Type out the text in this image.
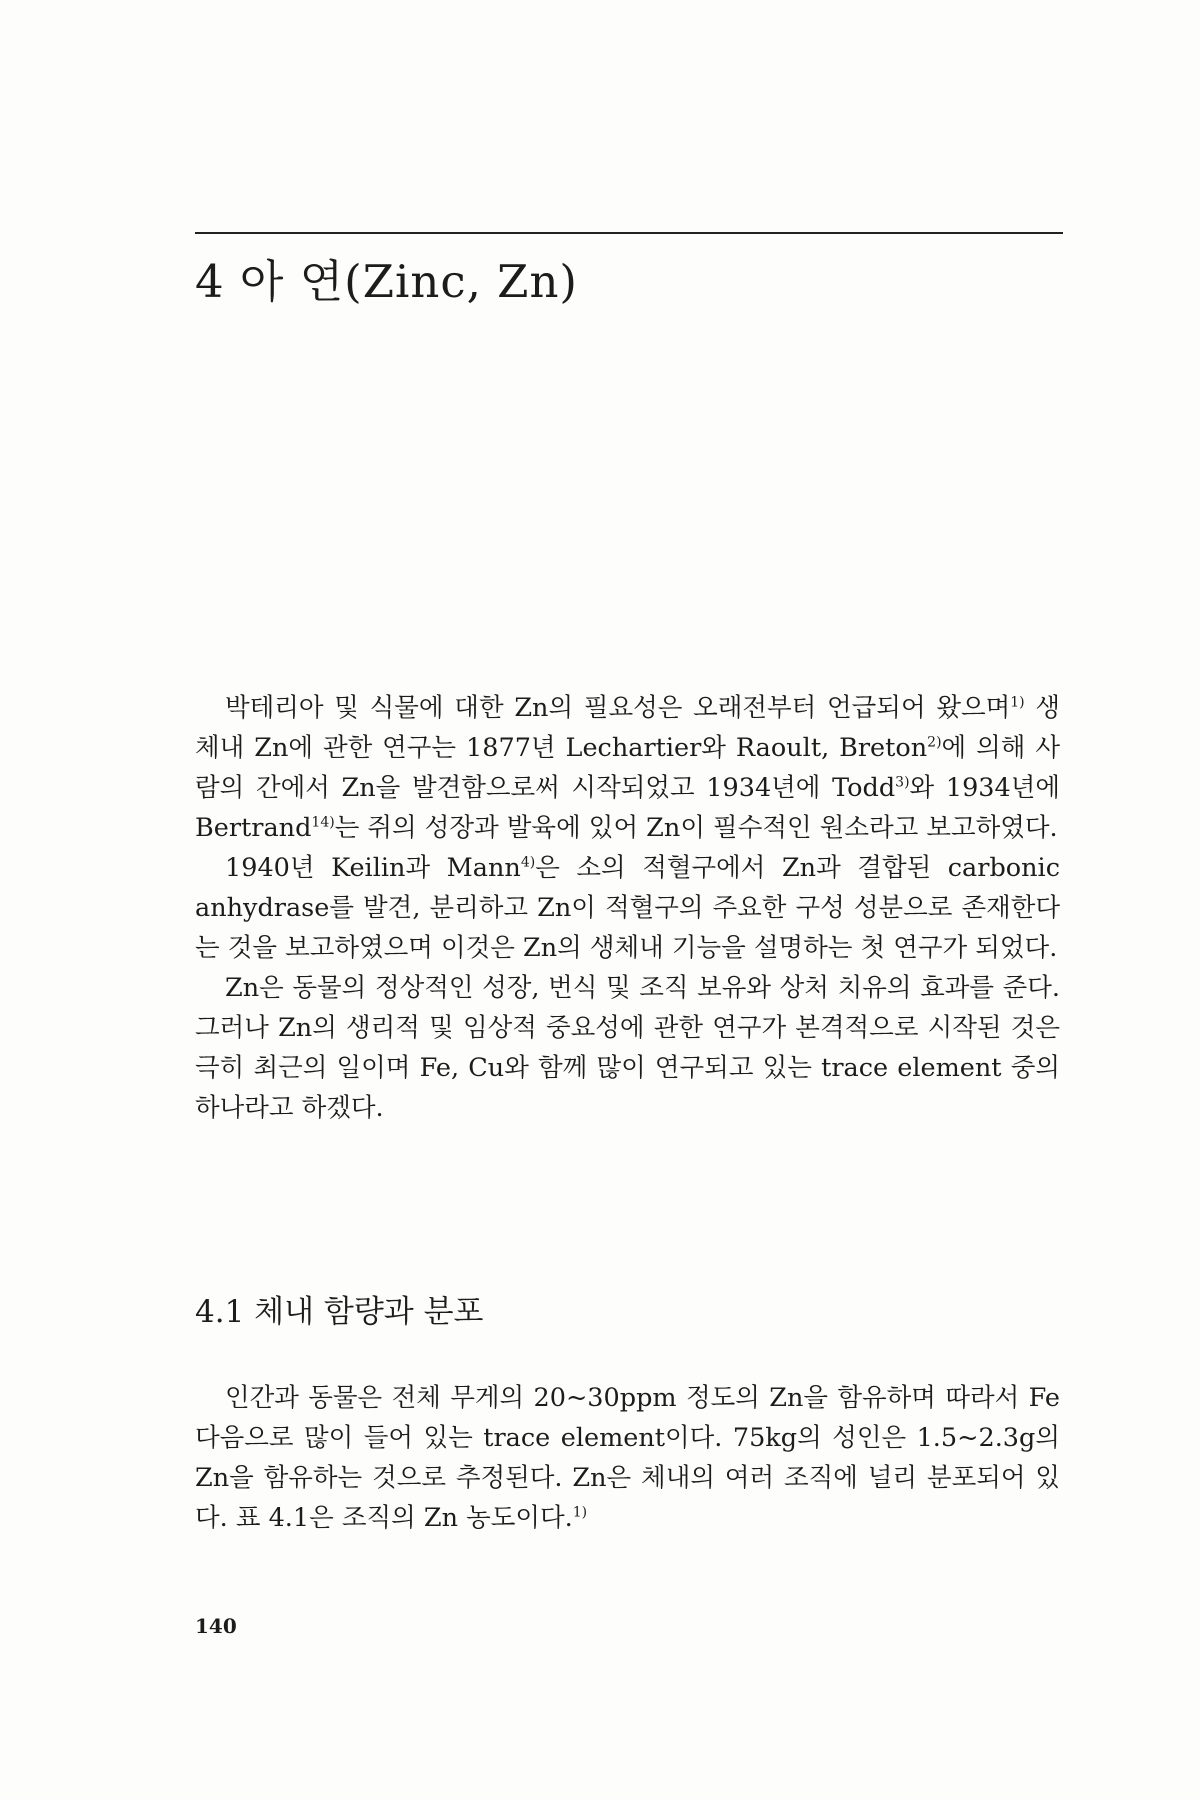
4 아 연(Zinc, Zn)

박테리아 및 식물에 대한 Zn의 필요성은 오래전부터 언급되어 왔으며$^{1)}$ 생체내 Zn에 관한 연구는 1877년 Lechartier와 Raoult, Breton$^{2)}$에 의해 사람의 간에서 Zn을 발견함으로써 시작되었고 1934년에 Todd$^{3)}$와 1934년에 Bertrand$^{14)}$는 쥐의 성장과 발육에 있어 Zn이 필수적인 원소라고 보고하였다.

1940년 Keilin과 Mann$^{4)}$은 소의 적혈구에서 Zn과 결합된 carbonic anhydrase를 발견, 분리하고 Zn이 적혈구의 주요한 구성 성분으로 존재한다는 것을 보고하였으며 이것은 Zn의 생체내 기능을 설명하는 첫 연구가 되었다.

Zn은 동물의 정상적인 성장, 번식 및 조직 보유와 상처 치유의 효과를 준다. 그러나 Zn의 생리적 및 임상적 중요성에 관한 연구가 본격적으로 시작된 것은 극히 최근의 일이며 Fe, Cu와 함께 많이 연구되고 있는 trace element 중의 하나라고 하겠다.

4.1 체내 함량과 분포

인간과 동물은 전체 무게의 20~30ppm 정도의 Zn을 함유하며 따라서 Fe 다음으로 많이 들어 있는 trace element이다. 75kg의 성인은 1.5~2.3g의 Zn을 함유하는 것으로 추정된다. Zn은 체내의 여러 조직에 널리 분포되어 있다. 표 4.1은 조직의 Zn 농도이다.$^{1)}$

140
